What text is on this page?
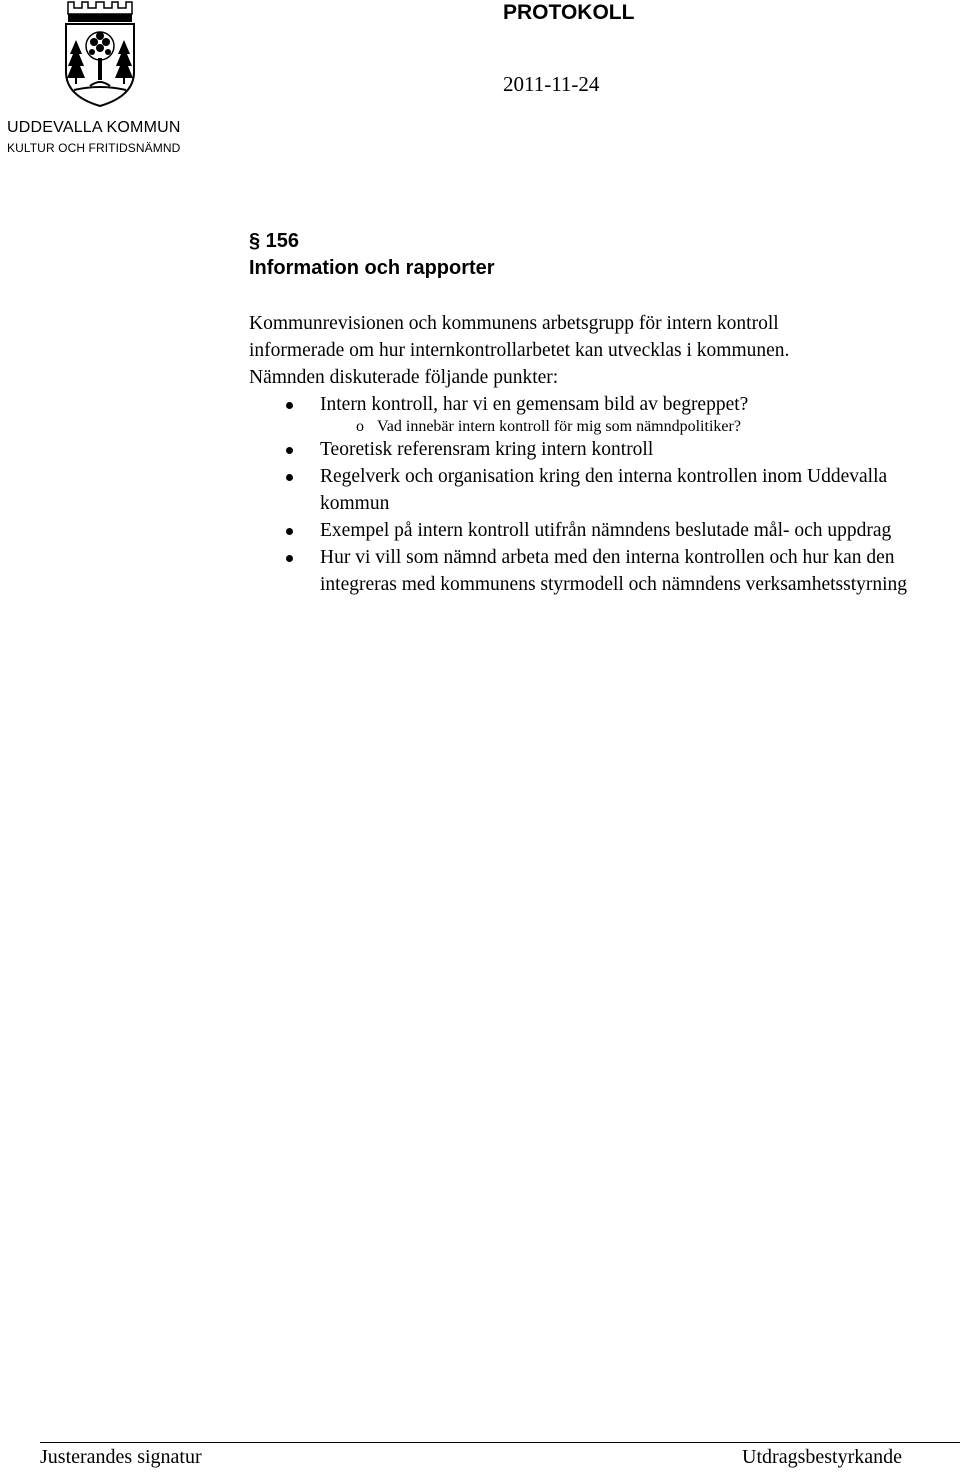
UDDEVALLA KOMMUN
KULTUR OCH FRITIDSNÄMND
PROTOKOLL
2011-11-24

§ 156

Information och rapporter

Kommunrevisionen och kommunens arbetsgrupp för intern kontroll

informerade om hur internkontrollarbetet kan utvecklas i kommunen.

Nämnden diskuterade följande punkter:

Intern kontroll, har vi en gemensam bild av begreppet?
o Vad innebär intern kontroll för mig som nämndpolitiker?
Teoretisk referensram kring intern kontroll
Regelverk och organisation kring den interna kontrollen inom Uddevalla kommun
Exempel på intern kontroll utifrån nämndens beslutade mål- och uppdrag
Hur vi vill som nämnd arbeta med den interna kontrollen och hur kan den integreras med kommunens styrmodell och nämndens verksamhetsstyrning
Justerandes signatur	Utdragsbestyrkande
